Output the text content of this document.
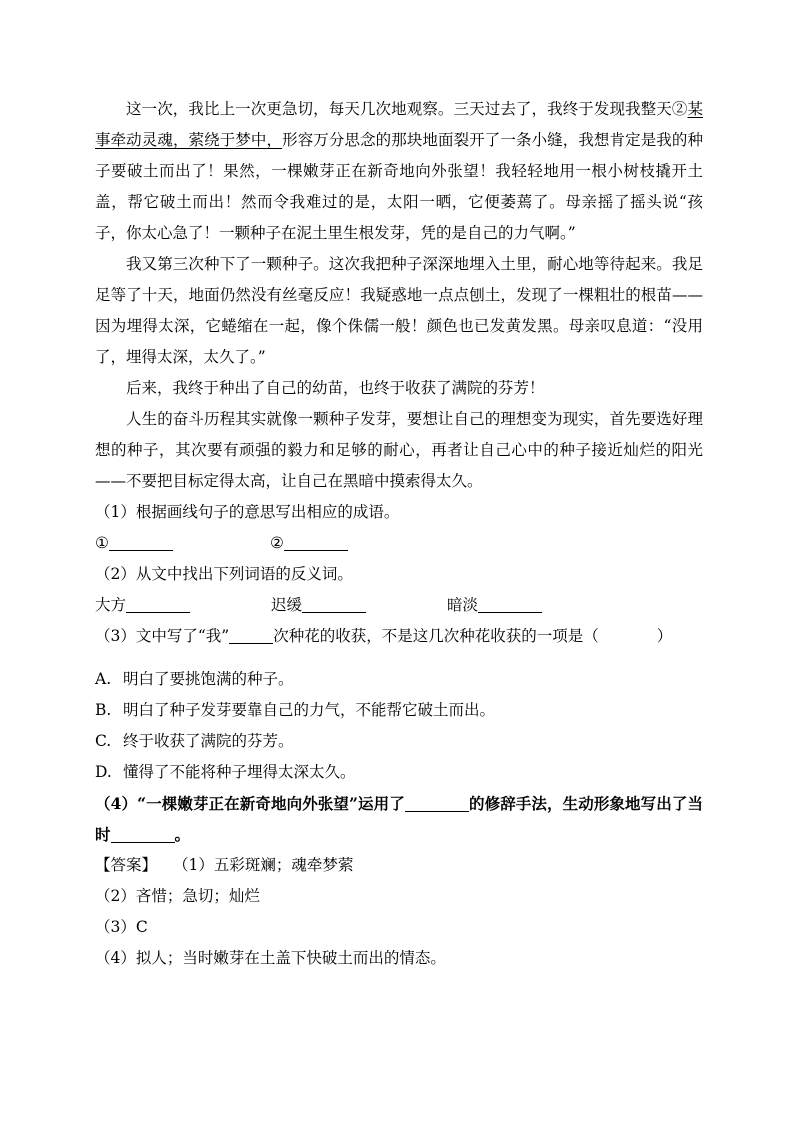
这一次，我比上一次更急切，每天几次地观察。三天过去了，我终于发现我整天②某事牵动灵魂，萦绕于梦中，形容万分思念的那块地面裂开了一条小缝，我想肯定是我的种子要破土而出了！果然，一棵嫩芽正在新奇地向外张望！我轻轻地用一根小树枝撬开土盖，帮它破土而出！然而令我难过的是，太阳一晒，它便萎蔫了。母亲摇了摇头说“孩子，你太心急了！一颗种子在泥土里生根发芽，凭的是自己的力气啊。”

我又第三次种下了一颗种子。这次我把种子深深地埋入土里，耐心地等待起来。我足足等了十天，地面仍然没有丝毫反应！我疑惑地一点点刨土，发现了一棵粗壮的根苗——因为埋得太深，它蜷缩在一起，像个侏儒一般！颜色也已发黄发黑。母亲叹息道：“没用了，埋得太深，太久了。”

后来，我终于种出了自己的幼苗，也终于收获了满院的芬芳！

人生的奋斗历程其实就像一颗种子发芽，要想让自己的理想变为现实，首先要选好理想的种子，其次要有顽强的毅力和足够的耐心，再者让自己心中的种子接近灿烂的阳光——不要把目标定得太高，让自己在黑暗中摸索得太久。

（1）根据画线句子的意思写出相应的成语。

①	②

（2）从文中找出下列词语的反义词。

大方	迟缓	暗淡

（3）文中写了“我”	次种花的收获，不是这几次种花收获的一项是（	）

A. 明白了要挑饱满的种子。

B. 明白了种子发芽要靠自己的力气，不能帮它破土而出。

C. 终于收获了满院的芬芳。

D. 懂得了不能将种子埋得太深太久。

（4）“一棵嫩芽正在新奇地向外张望”运用了	的修辞手法，生动形象地写出了当时	。

【答案】 （1）五彩斑斓；魂牵梦萦

（2）吝惜；急切；灿烂

（3）C

（4）拟人；当时嫩芽在土盖下快破土而出的情态。
